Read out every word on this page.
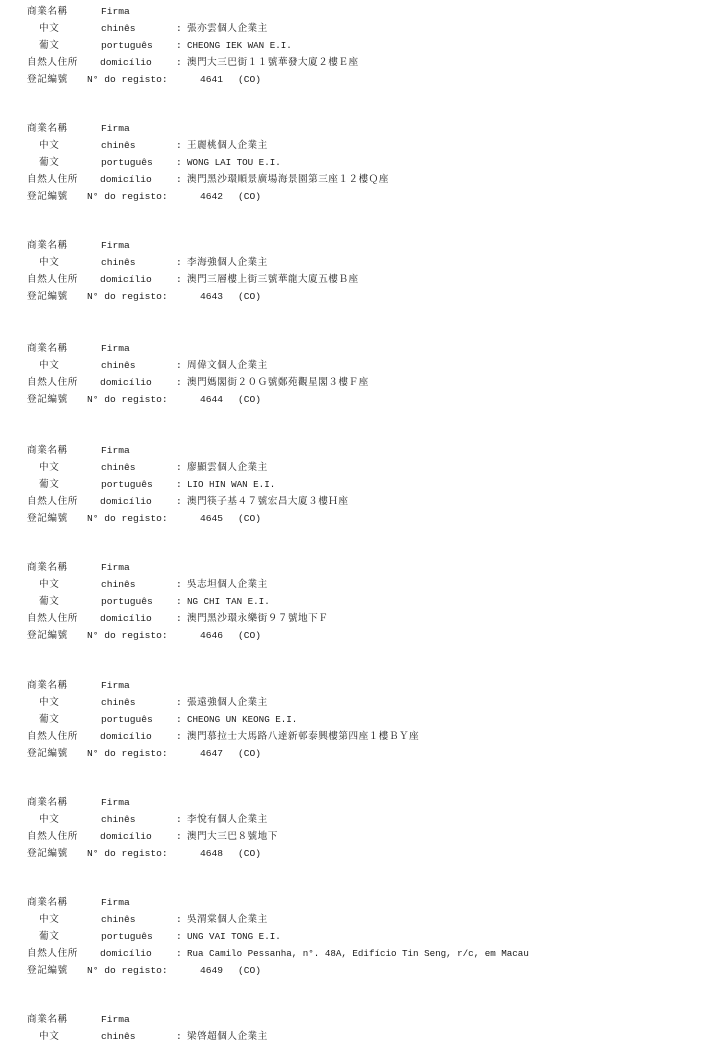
商業名稱	Firma
中文	chinês	: 張亦雲個人企業主
葡文	português : CHEONG IEK WAN E.I.
自然人住所 domicílio	: 澳門大三巴街１１號華發大廈２樓Ｅ座
登記編號 N° do registo:	4641 (CO)
商業名稱	Firma
中文	chinês	: 王麗桃個人企業主
葡文	português : WONG LAI TOU E.I.
自然人住所 domicílio	: 澳門黑沙環順景廣場海景園第三座１２樓Ｑ座
登記編號 N° do registo:	4642 (CO)
商業名稱	Firma
中文	chinês	: 李海強個人企業主
自然人住所 domicílio	: 澳門三層樓上街三號華龍大廈五樓Ｂ座
登記編號 N° do registo:	4643 (CO)
商業名稱	Firma
中文	chinês	: 周偉文個人企業主
自然人住所 domicílio	: 澳門媽閣街２０Ｇ號鄭苑觀星閣３樓Ｆ座
登記編號 N° do registo:	4644 (CO)
商業名稱	Firma
中文	chinês	: 廖顯雲個人企業主
葡文	português : LIO HIN WAN E.I.
自然人住所 domicílio	: 澳門筷子基４７號宏昌大廈３樓Ｈ座
登記編號 N° do registo:	4645 (CO)
商業名稱	Firma
中文	chinês	: 吳志坦個人企業主
葡文	português : NG CHI TAN E.I.
自然人住所 domicílio	: 澳門黑沙環永樂街９７號地下Ｆ
登記編號 N° do registo:	4646 (CO)
商業名稱	Firma
中文	chinês	: 張遠強個人企業主
葡文	português : CHEONG UN KEONG E.I.
自然人住所 domicílio	: 澳門慕拉士大馬路八達新邨泰興樓第四座１樓ＢＹ座
登記編號 N° do registo:	4647 (CO)
商業名稱	Firma
中文	chinês	: 李悅有個人企業主
自然人住所 domicílio	: 澳門大三巴８號地下
登記編號 N° do registo:	4648 (CO)
商業名稱	Firma
中文	chinês	: 吳渭棠個人企業主
葡文	português : UNG VAI TONG E.I.
自然人住所 domicílio	: Rua Camilo Pessanha, n°. 48A, Edifício Tin Seng, r/c, em Macau
登記編號 N° do registo:	4649 (CO)
商業名稱	Firma
中文	chinês	: 梁啓超個人企業主
